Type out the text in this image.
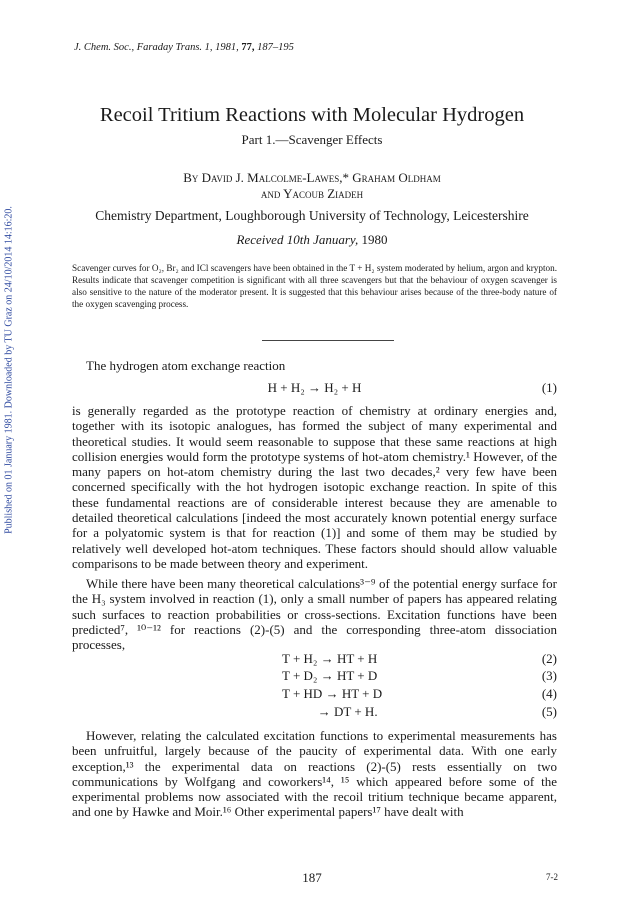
Published on 01 January 1981. Downloaded by TU Graz on 24/10/2014 14:16:20.
J. Chem. Soc., Faraday Trans. 1, 1981, 77, 187–195
Recoil Tritium Reactions with Molecular Hydrogen
Part 1.—Scavenger Effects
By David J. Malcolme-Lawes,* Graham Oldham
and Yacoub Ziadeh
Chemistry Department, Loughborough University of Technology, Leicestershire
Received 10th January, 1980
Scavenger curves for O₂, Br₂ and ICl scavengers have been obtained in the T + H₂ system moderated by helium, argon and krypton. Results indicate that scavenger competition is significant with all three scavengers but that the behaviour of oxygen scavenger is also sensitive to the nature of the moderator present. It is suggested that this behaviour arises because of the three-body nature of the oxygen scavenging process.

The hydrogen atom exchange reaction

H + H₂ → H₂ + H	(1)

is generally regarded as the prototype reaction of chemistry at ordinary energies and, together with its isotopic analogues, has formed the subject of many experimental and theoretical studies. It would seem reasonable to suppose that these same reactions at high collision energies would form the prototype systems of hot-atom chemistry.¹ However, of the many papers on hot-atom chemistry during the last two decades,² very few have been concerned specifically with the hot hydrogen isotopic exchange reaction. In spite of this these fundamental reactions are of considerable interest because they are amenable to detailed theoretical calculations [indeed the most accurately known potential energy surface for a polyatomic system is that for reaction (1)] and some of them may be studied by relatively well developed hot-atom techniques. These factors should should allow valuable comparisons to be made between theory and experiment.

While there have been many theoretical calculations³⁻⁹ of the potential energy surface for the H₃ system involved in reaction (1), only a small number of papers has appeared relating such surfaces to reaction probabilities or cross-sections. Excitation functions have been predicted⁷, ¹⁰⁻¹² for reactions (2)-(5) and the corresponding three-atom dissociation processes,

T + H₂ → HT + H	(2)
T + D₂ → HT + D	(3)
T + HD → HT + D	(4)
→ DT + H.	(5)

However, relating the calculated excitation functions to experimental measurements has been unfruitful, largely because of the paucity of experimental data. With one early exception,¹³ the experimental data on reactions (2)-(5) rests essentially on two communications by Wolfgang and coworkers¹⁴, ¹⁵ which appeared before some of the experimental problems now associated with the recoil tritium technique became apparent, and one by Hawke and Moir.¹⁶ Other experimental papers¹⁷ have dealt with

187	7-2
